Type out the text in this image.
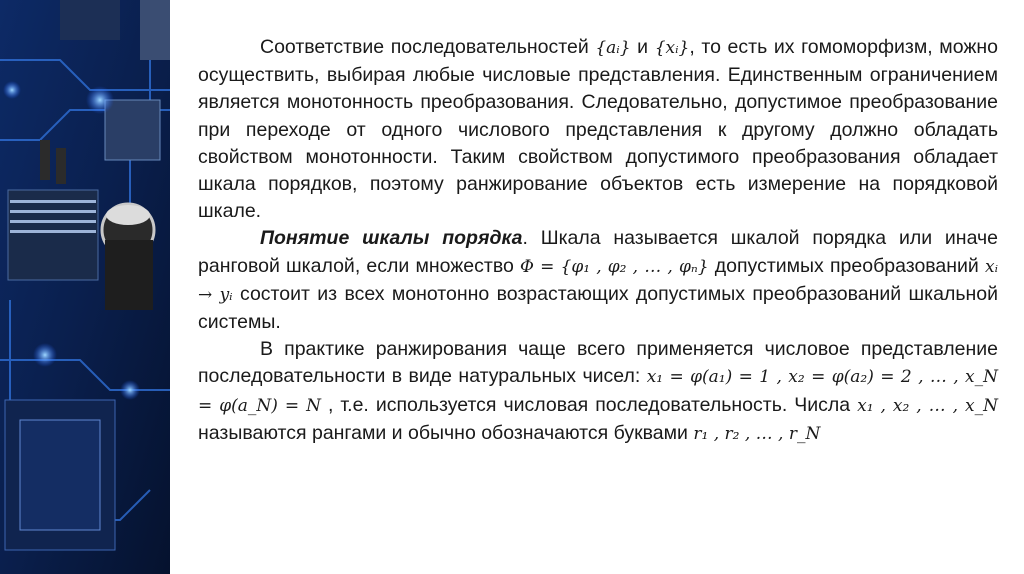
Соответствие последовательностей {aᵢ} и {xᵢ}, то есть их гомоморфизм, можно осуществить, выбирая любые числовые представления. Единственным ограничением является монотонность преобразования. Следовательно, допустимое преобразование при переходе от одного числового представления к другому должно обладать свойством монотонности. Таким свойством допустимого преобразования обладает шкала порядков, поэтому ранжирование объектов есть измерение на порядковой шкале.

Понятие шкалы порядка. Шкала называется шкалой порядка или иначе ранговой шкалой, если множество Φ = {φ₁ , φ₂ , … , φₙ} допустимых преобразований xᵢ → yᵢ состоит из всех монотонно возрастающих допустимых преобразований шкальной системы.

В практике ранжирования чаще всего применяется числовое представление последовательности в виде натуральных чисел: x₁ = φ(a₁) = 1 , x₂ = φ(a₂) = 2 , … , x_N = φ(a_N) = N , т.е. используется числовая последовательность. Числа x₁ , x₂ , … , x_N называются рангами и обычно обозначаются буквами r₁ , r₂ , … , r_N
